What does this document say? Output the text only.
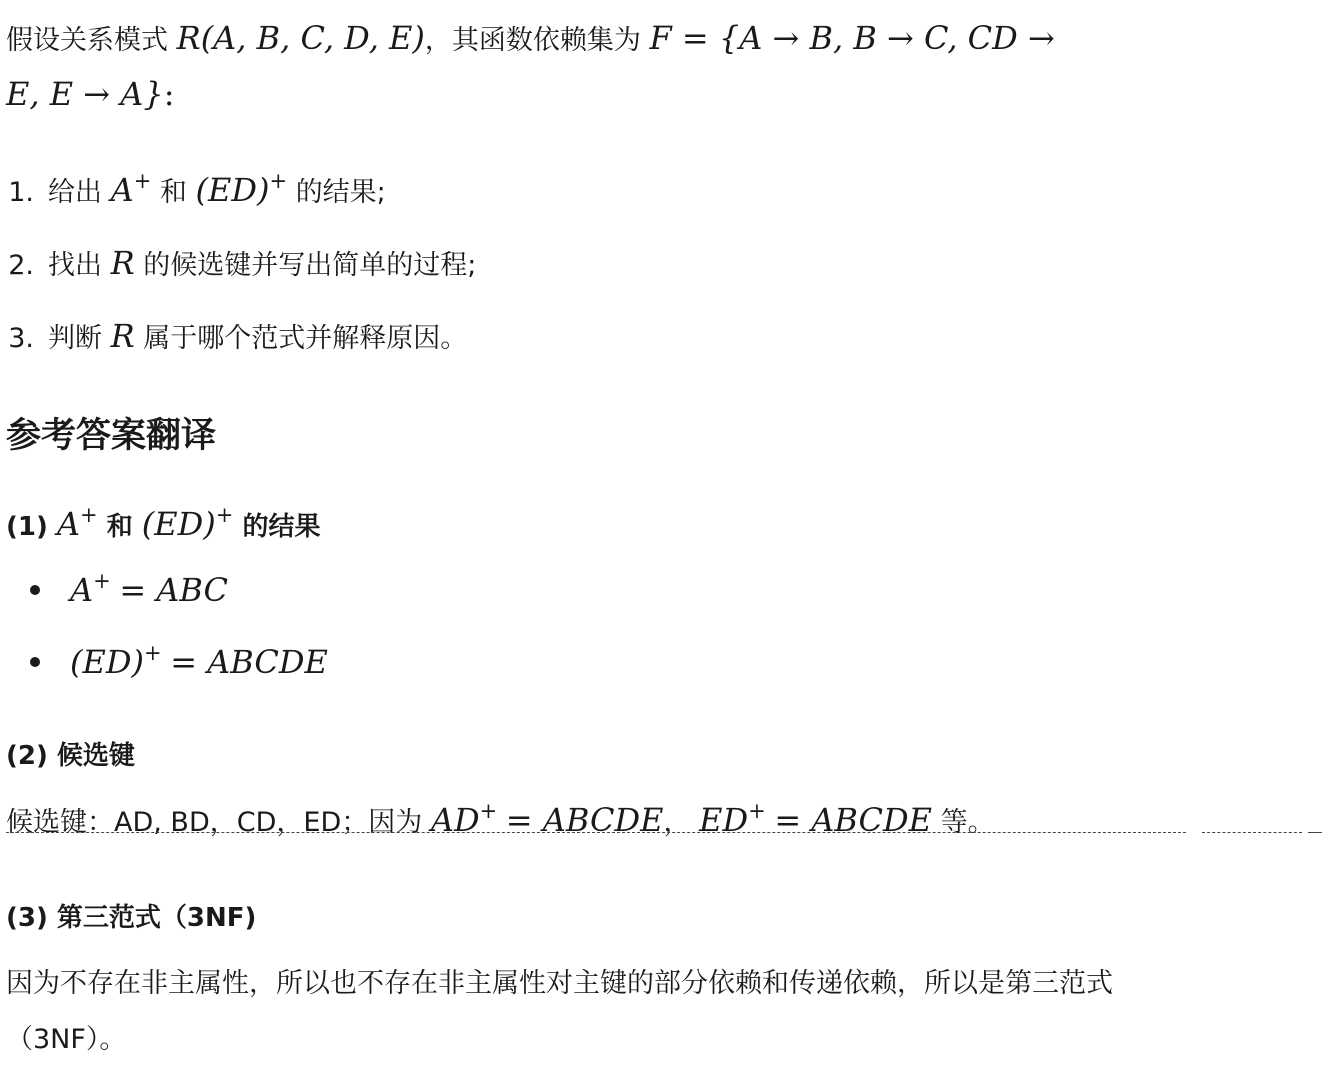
假设关系模式 R(A, B, C, D, E)，其函数依赖集为 F = {A → B, B → C, CD →
E, E → A}:
1. 给出 A+ 和 (ED)+ 的结果;
2. 找出 R 的候选键并写出简单的过程;
3. 判断 R 属于哪个范式并解释原因。
参考答案翻译
(1) A+ 和 (ED)+ 的结果
A+ = ABC
(ED)+ = ABCDE
(2) 候选键
候选键：AD, BD，CD，ED；因为 AD+ = ABCDE， ED+ = ABCDE 等。
(3) 第三范式（3NF)
因为不存在非主属性，所以也不存在非主属性对主键的部分依赖和传递依赖，所以是第三范式
（3NF）。
